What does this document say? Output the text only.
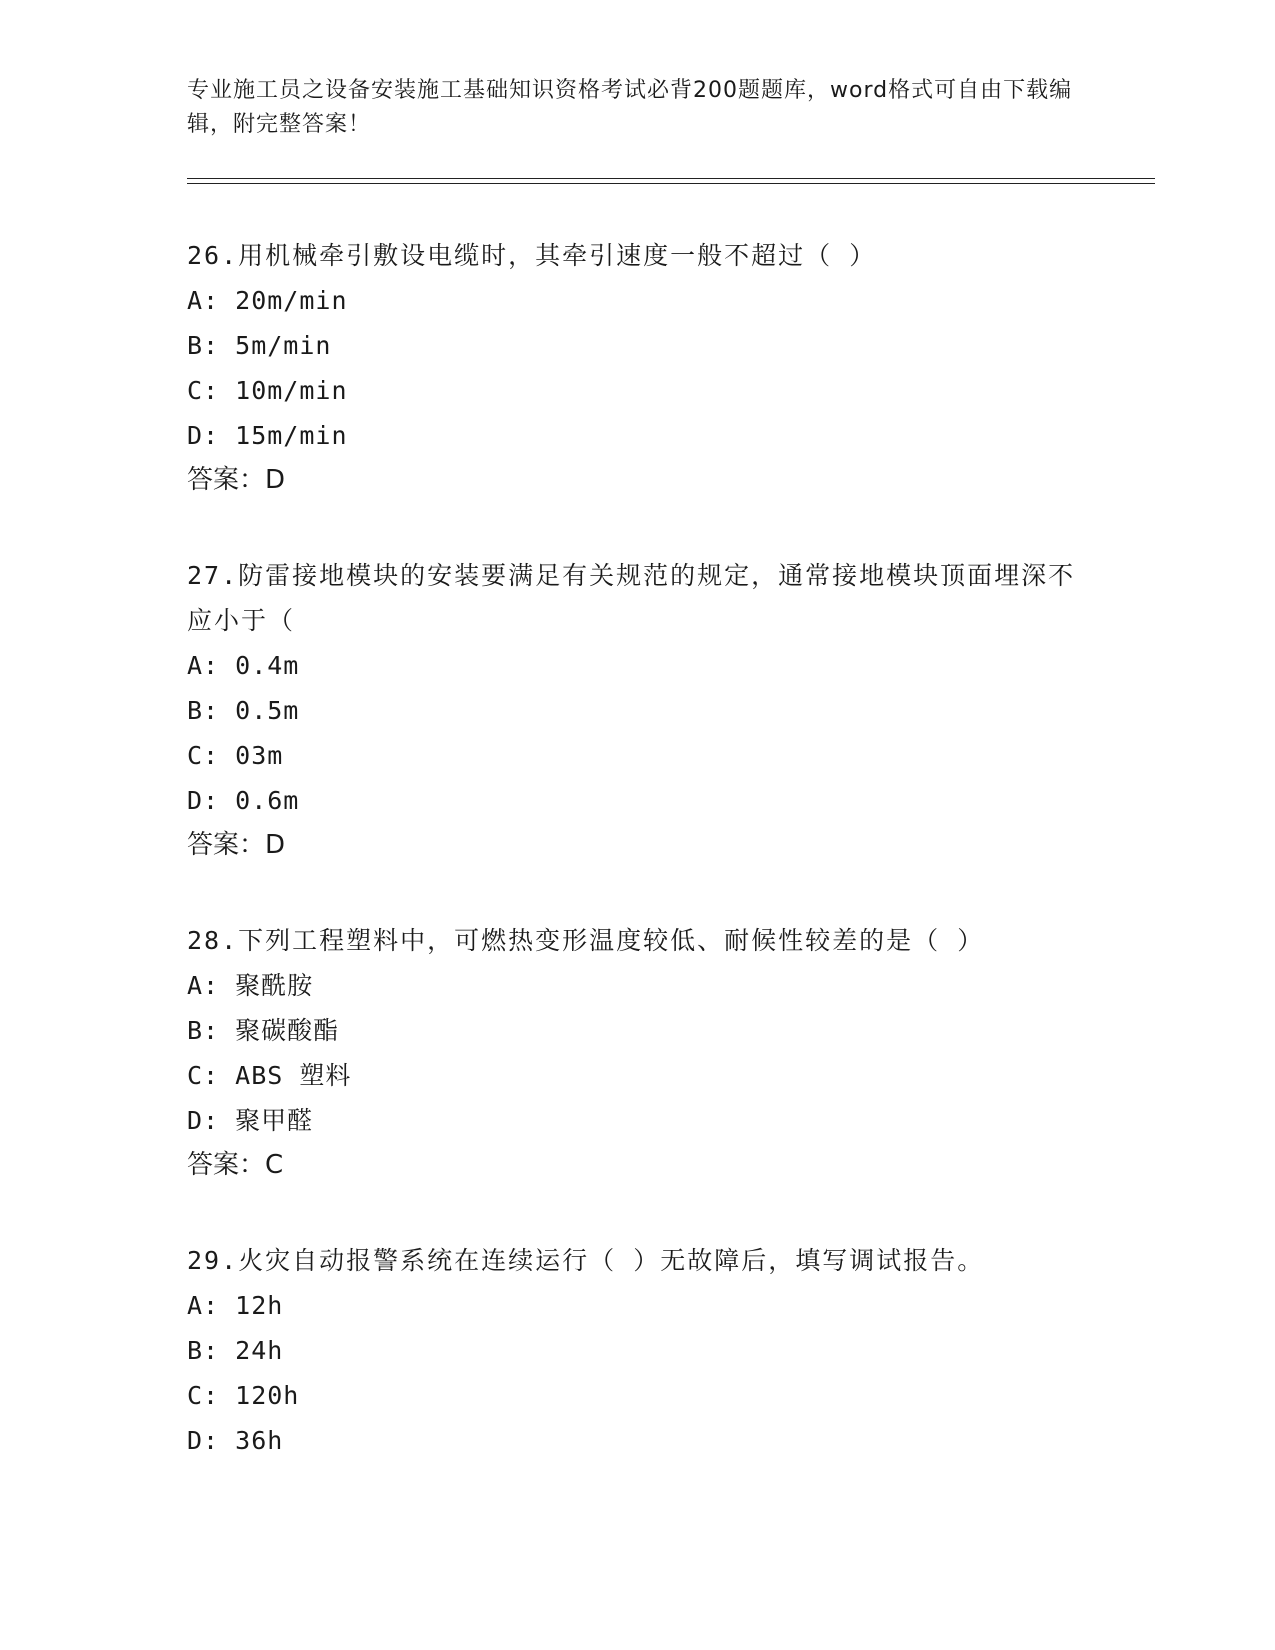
专业施工员之设备安装施工基础知识资格考试必背200题题库，word格式可自由下载编辑，附完整答案！

26.用机械牵引敷设电缆时，其牵引速度一般不超过（ ）

A: 20m/min

B: 5m/min

C: 10m/min

D: 15m/min

答案：D

27.防雷接地模块的安装要满足有关规范的规定，通常接地模块顶面埋深不应小于（

A: 0.4m

B: 0.5m

C: 03m

D: 0.6m

答案：D

28.下列工程塑料中，可燃热变形温度较低、耐候性较差的是（ ）

A: 聚酰胺

B: 聚碳酸酯

C: ABS 塑料

D: 聚甲醛

答案：C

29.火灾自动报警系统在连续运行（ ）无故障后，填写调试报告。

A: 12h

B: 24h

C: 120h

D: 36h
